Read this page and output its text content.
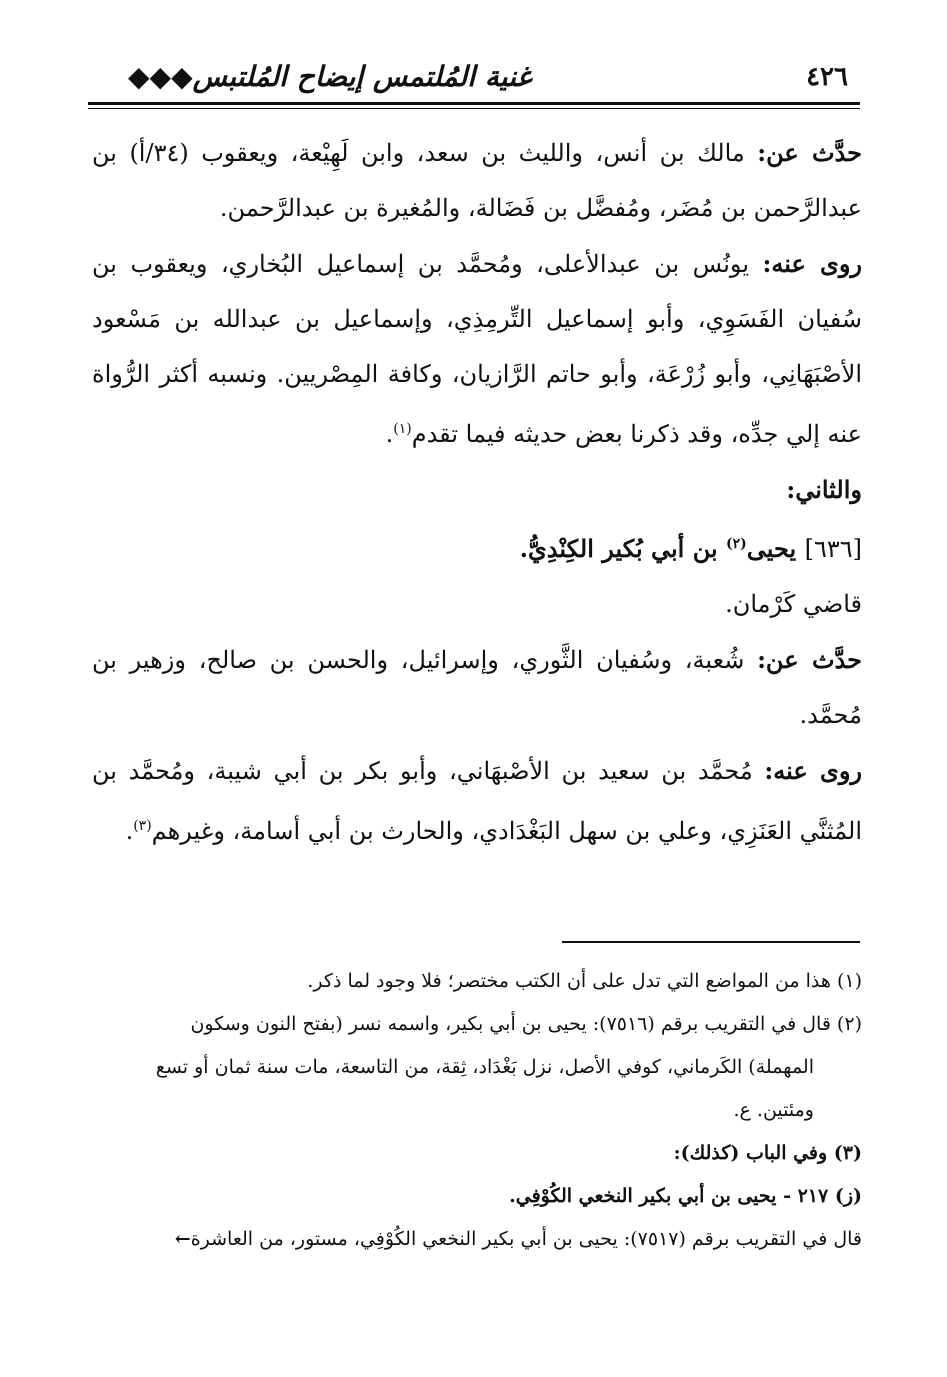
٤٢٦
غنية المُلتمس إيضاح المُلتبس◆◆◆

حدَّث عن: مالك بن أنس، والليث بن سعد، وابن لَهِيْعة، ويعقوب (٣٤/أ) بن عبدالرَّحمن بن مُضَر، ومُفضَّل بن فَضَالة، والمُغيرة بن عبدالرَّحمن.

روى عنه: يونُس بن عبدالأعلى، ومُحمَّد بن إسماعيل البُخاري، ويعقوب بن سُفيان الفَسَوِي، وأبو إسماعيل التِّرمِذِي، وإسماعيل بن عبدالله بن مَسْعود الأصْبَهَانِي، وأبو زُرْعَة، وأبو حاتم الرَّازيان، وكافة المِصْريين. ونسبه أكثر الرُّواة عنه إلي جدِّه، وقد ذكرنا بعض حديثه فيما تقدم$^{(١)}$.

والثاني:

[٦٣٦] يحيى$^{(٢)}$ بن أبي بُكير الكِنْدِيُّ.

قاضي كَرْمان.

حدَّث عن: شُعبة، وسُفيان الثَّوري، وإسرائيل، والحسن بن صالح، وزهير بن مُحمَّد.

روى عنه: مُحمَّد بن سعيد بن الأصْبهَاني، وأبو بكر بن أبي شيبة، ومُحمَّد بن المُثنَّي العَنَزِي، وعلي بن سهل البَغْدَادي، والحارث بن أبي أسامة، وغيرهم$^{(٣)}$.

(١) هذا من المواضع التي تدل على أن الكتب مختصر؛ فلا وجود لما ذكر.

(٢) قال في التقريب برقم (٧٥١٦): يحيى بن أبي بكير، واسمه نسر (بفتح النون وسكون

المهملة) الكَرماني، كوفي الأصل، نزل بَغْدَاد، ثِقة، من التاسعة، مات سنة ثمان أو تسع

ومئتين. ع.

(٣) وفي الباب (كذلك):

(ز) ٢١٧ - يحيى بن أبي بكير النخعي الكُوْفِي.

قال في التقريب برقم (٧٥١٧): يحيى بن أبي بكير النخعي الكُوْفِي، مستور، من العاشرة←
